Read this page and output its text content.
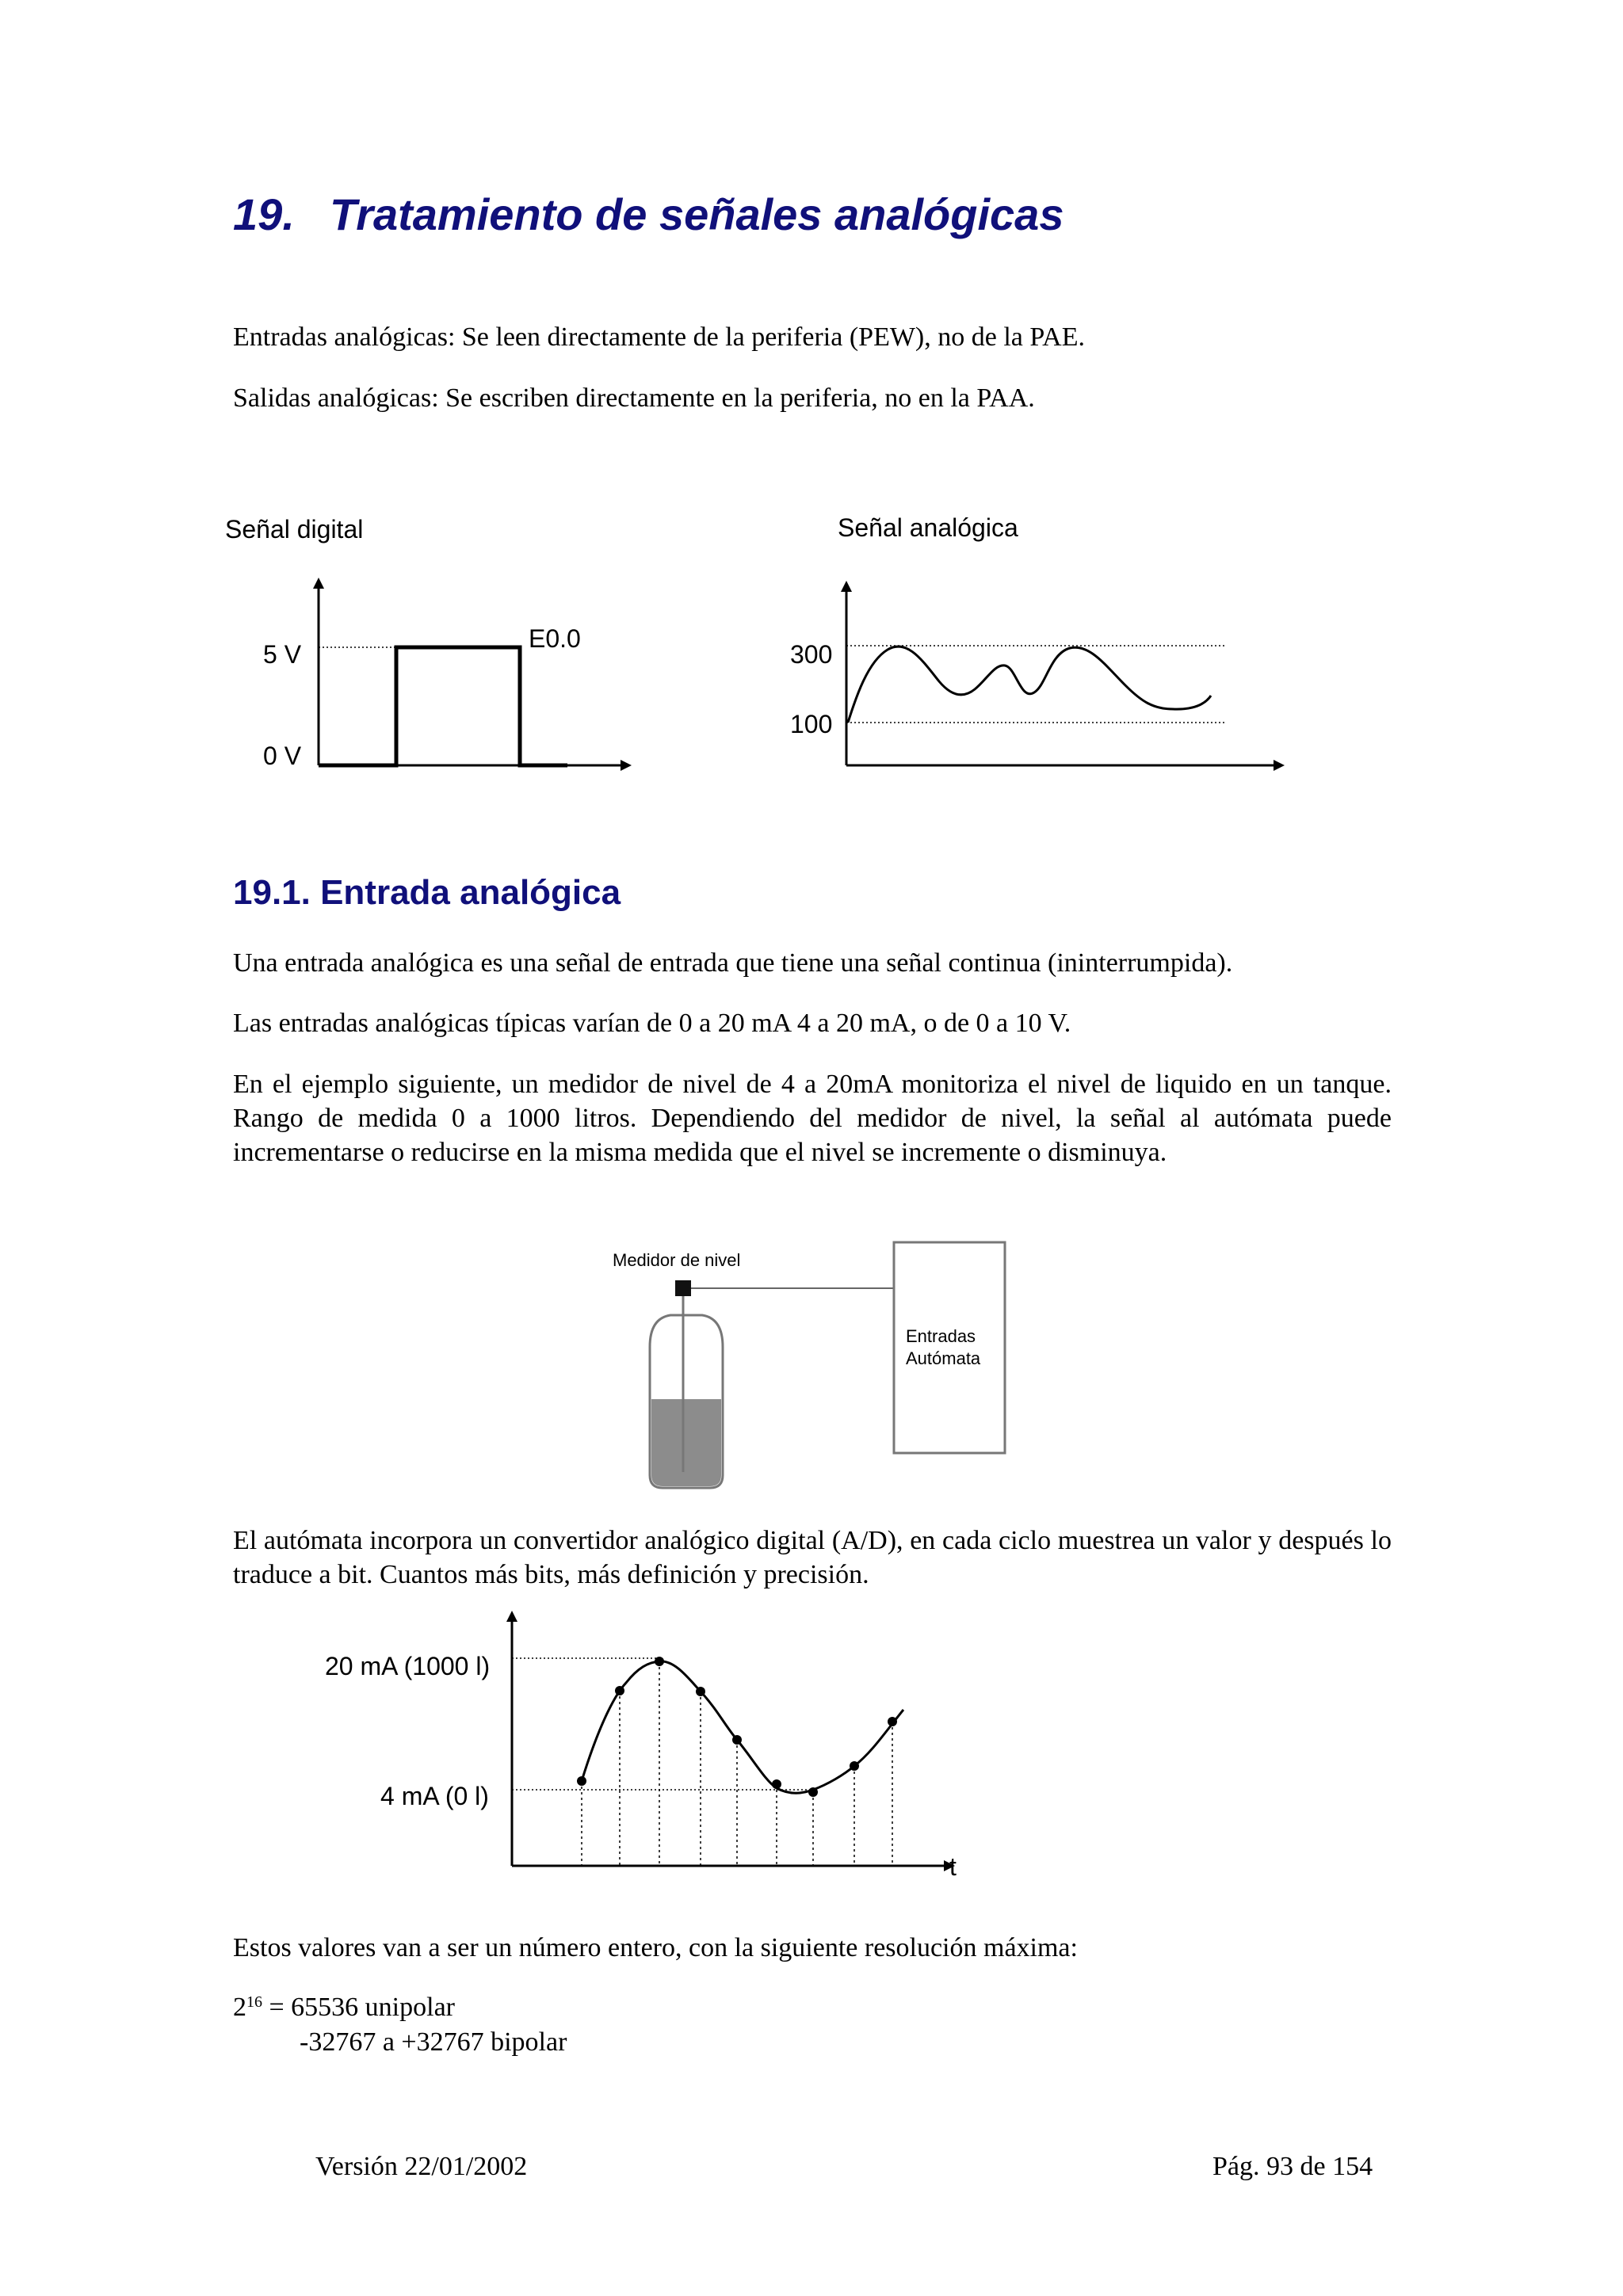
19. Tratamiento de señales analógicas
Entradas analógicas: Se leen directamente de la periferia (PEW), no de la PAE.
Salidas analógicas: Se escriben directamente en la periferia, no en la PAA.
Señal digital	Señal analógica
5 V
0 V
E0.0
300
100
19.1. Entrada analógica
Una entrada analógica es una señal de entrada que tiene una señal continua (ininterrumpida).
Las entradas analógicas típicas varían de 0 a 20 mA 4 a 20 mA, o de 0 a 10 V.
En el ejemplo siguiente, un medidor de nivel de 4 a 20mA monitoriza el nivel de liquido en un tanque. Rango de medida 0 a 1000 litros. Dependiendo del medidor de nivel, la señal al autómata puede incrementarse o reducirse en la misma medida que el nivel se incremente o disminuya.
Medidor de nivel
Entradas
Autómata
El autómata incorpora un convertidor analógico digital (A/D), en cada ciclo muestrea un valor y después lo traduce a bit. Cuantos más bits, más definición y precisión.
20 mA (1000 l)
4 mA (0 l)
t
Estos valores van a ser un número entero, con la siguiente resolución máxima:
$2^{16} = 65536$ unipolar
-32767 a +32767 bipolar
Versión 22/01/2002	Pág. 93 de 154
